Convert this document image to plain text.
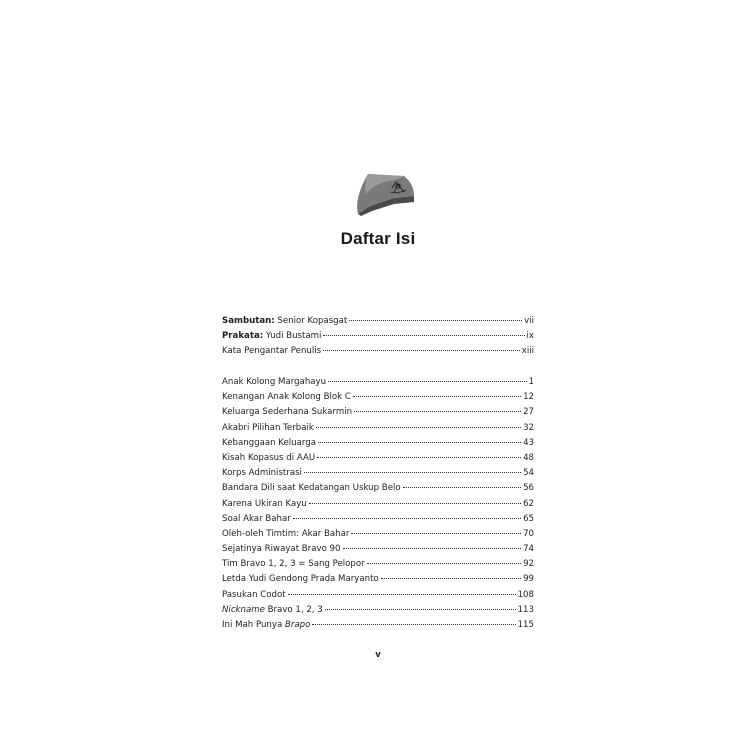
Daftar Isi
Sambutan: Senior Kopasgat	vii
Prakata: Yudi Bustami	ix
Kata Pengantar Penulis	xiii
Anak Kolong Margahayu	1
Kenangan Anak Kolong Blok C	12
Keluarga Sederhana Sukarmin	27
Akabri Pilihan Terbaik	32
Kebanggaan Keluarga	43
Kisah Kopasus di AAU	48
Korps Administrasi	54
Bandara Dili saat Kedatangan Uskup Belo	56
Karena Ukiran Kayu	62
Soal Akar Bahar	65
Oleh-oleh Timtim: Akar Bahar	70
Sejatinya Riwayat Bravo 90	74
Tim Bravo 1, 2, 3 = Sang Pelopor	92
Letda Yudi Gendong Prada Maryanto	99
Pasukan Codot	108
Nickname Bravo 1, 2, 3	113
Ini Mah Punya Brapo	115
v
